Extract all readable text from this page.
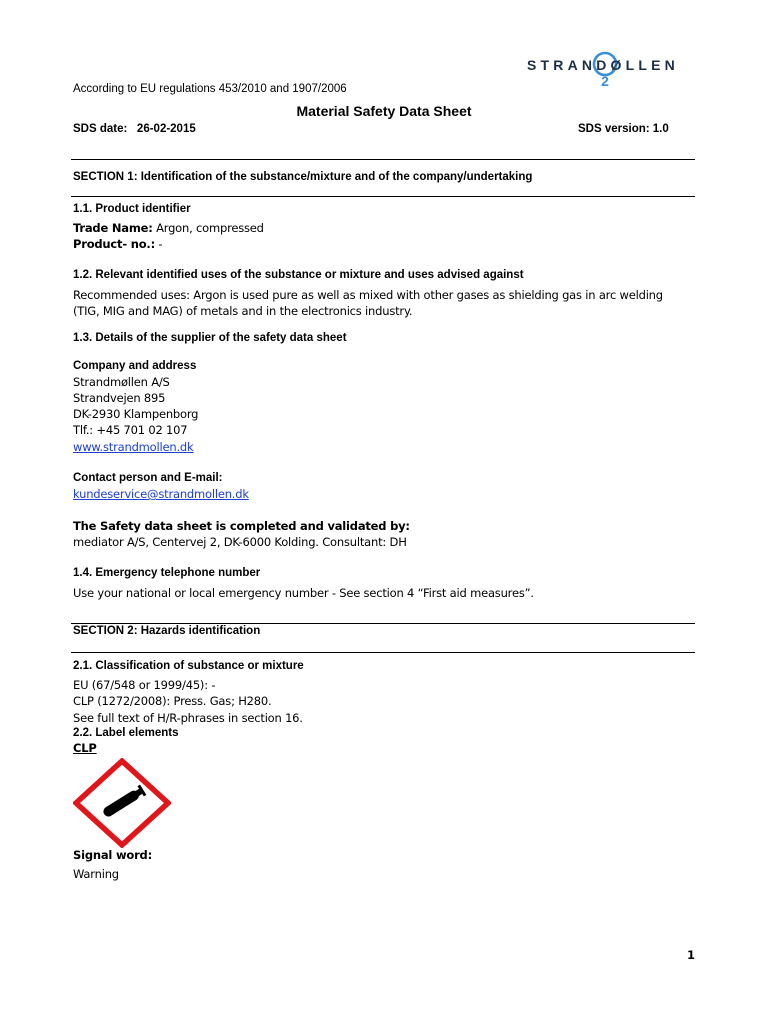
2
STRANDØLLEN
According to EU regulations 453/2010 and 1907/2006
Material Safety Data Sheet
SDS date: 26-02-2015	SDS version: 1.0
SECTION 1: Identification of the substance/mixture and of the company/undertaking
1.1. Product identifier
Trade Name: Argon, compressed
Product- no.: -
1.2. Relevant identified uses of the substance or mixture and uses advised against
Recommended uses: Argon is used pure as well as mixed with other gases as shielding gas in arc welding
(TIG, MIG and MAG) of metals and in the electronics industry.
1.3. Details of the supplier of the safety data sheet
Company and address
Strandmøllen A/S
Strandvejen 895
DK-2930 Klampenborg
Tlf.: +45 701 02 107
www.strandmollen.dk
Contact person and E-mail:
kundeservice@strandmollen.dk
The Safety data sheet is completed and validated by:
mediator A/S, Centervej 2, DK-6000 Kolding. Consultant: DH
1.4. Emergency telephone number
Use your national or local emergency number - See section 4 “First aid measures”.
SECTION 2: Hazards identification
2.1. Classification of substance or mixture
EU (67/548 or 1999/45): -
CLP (1272/2008): Press. Gas; H280.
See full text of H/R-phrases in section 16.
2.2. Label elements
CLP
Signal word:
Warning
1
